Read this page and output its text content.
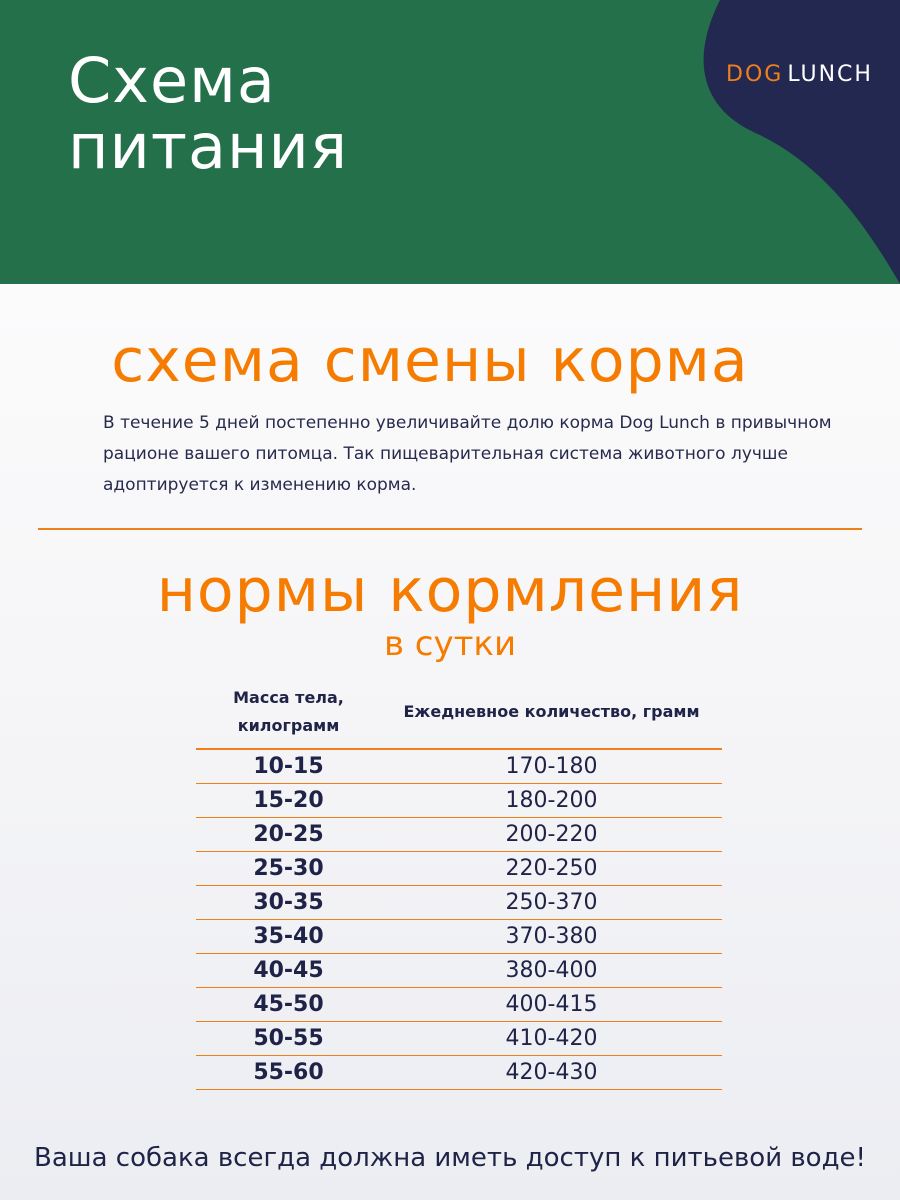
Схема
питания
DOG LUNCH
схема смены корма
В течение 5 дней постепенно увеличивайте долю корма Dog Lunch в привычном рационе вашего питомца. Так пищеварительная система животного лучше адоптируется к изменению корма.
нормы кормления
в сутки
Масса тела, килограмм	Ежедневное количество, грамм
10-15	170-180
15-20	180-200
20-25	200-220
25-30	220-250
30-35	250-370
35-40	370-380
40-45	380-400
45-50	400-415
50-55	410-420
55-60	420-430
Ваша собака всегда должна иметь доступ к питьевой воде!
